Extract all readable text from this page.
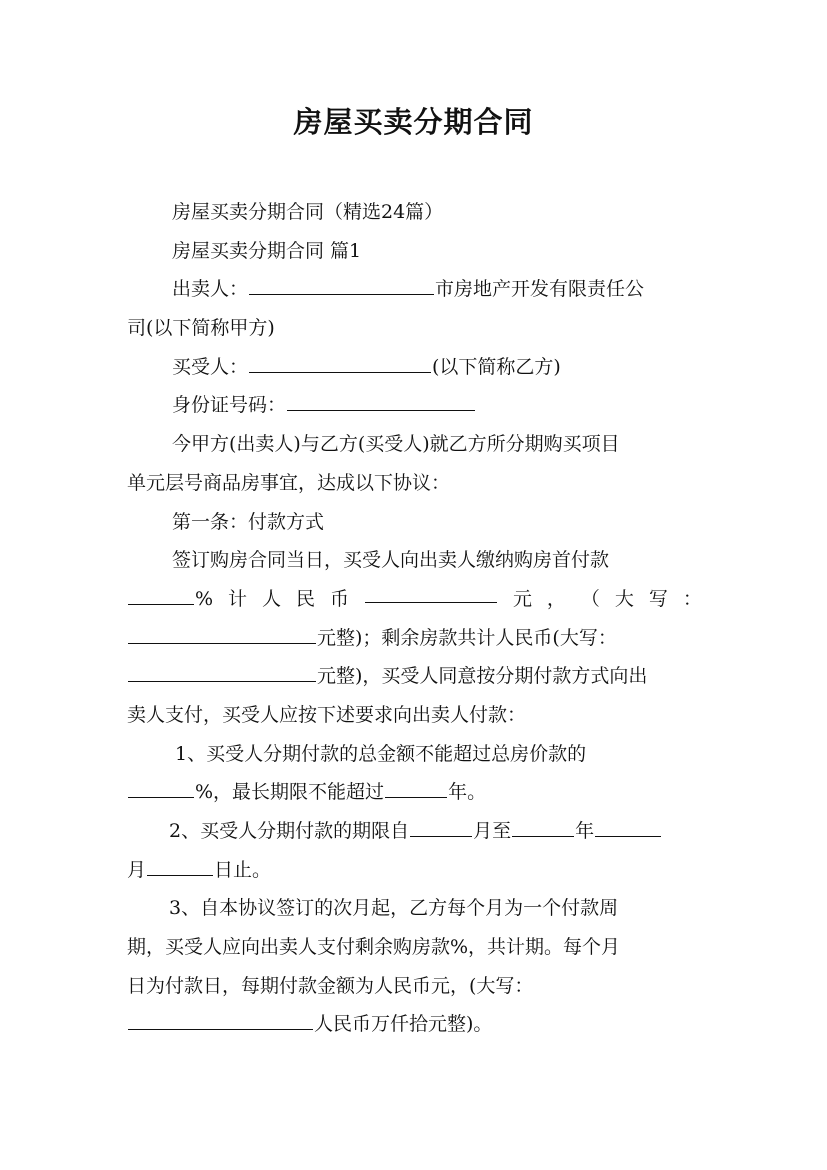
房屋买卖分期合同
房屋买卖分期合同（精选24篇）
房屋买卖分期合同 篇1
出卖人：	市房地产开发有限责任公
司(以下简称甲方)
买受人：	(以下简称乙方)
身份证号码：
今甲方(出卖人)与乙方(买受人)就乙方所分期购买项目
单元层号商品房事宜，达成以下协议：
第一条：付款方式
签订购房合同当日，买受人向出卖人缴纳购房首付款
% 计 人 民 币	元 ， （ 大 写 ：
元整)；剩余房款共计人民币(大写：
元整)，买受人同意按分期付款方式向出
卖人支付，买受人应按下述要求向出卖人付款：
1、买受人分期付款的总金额不能超过总房价款的
%，最长期限不能超过	年。
2、买受人分期付款的期限自	月至	年
月	日止。
3、自本协议签订的次月起，乙方每个月为一个付款周
期，买受人应向出卖人支付剩余购房款%，共计期。每个月
日为付款日，每期付款金额为人民币元，(大写：
人民币万仟拾元整)。
